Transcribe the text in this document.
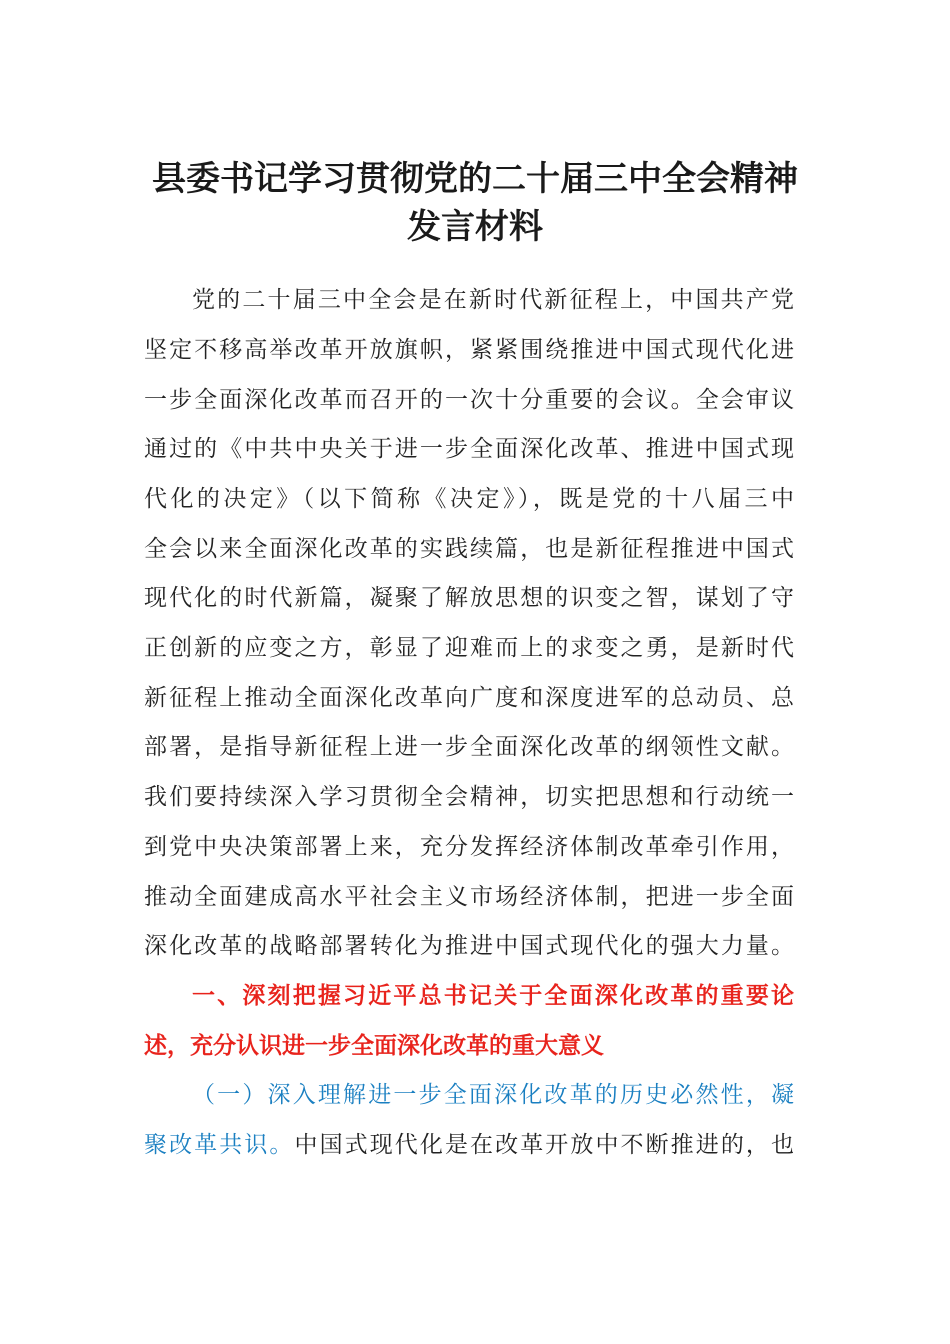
县委书记学习贯彻党的二十届三中全会精神
发言材料
党的二十届三中全会是在新时代新征程上，中国共产党
坚定不移高举改革开放旗帜，紧紧围绕推进中国式现代化进
一步全面深化改革而召开的一次十分重要的会议。全会审议
通过的《中共中央关于进一步全面深化改革、推进中国式现
代化的决定》（以下简称《决定》），既是党的十八届三中
全会以来全面深化改革的实践续篇，也是新征程推进中国式
现代化的时代新篇，凝聚了解放思想的识变之智，谋划了守
正创新的应变之方，彰显了迎难而上的求变之勇，是新时代
新征程上推动全面深化改革向广度和深度进军的总动员、总
部署，是指导新征程上进一步全面深化改革的纲领性文献。
我们要持续深入学习贯彻全会精神，切实把思想和行动统一
到党中央决策部署上来，充分发挥经济体制改革牵引作用，
推动全面建成高水平社会主义市场经济体制，把进一步全面
深化改革的战略部署转化为推进中国式现代化的强大力量。
一、深刻把握习近平总书记关于全面深化改革的重要论
述，充分认识进一步全面深化改革的重大意义
（一）深入理解进一步全面深化改革的历史必然性，凝
聚改革共识。中国式现代化是在改革开放中不断推进的，也
